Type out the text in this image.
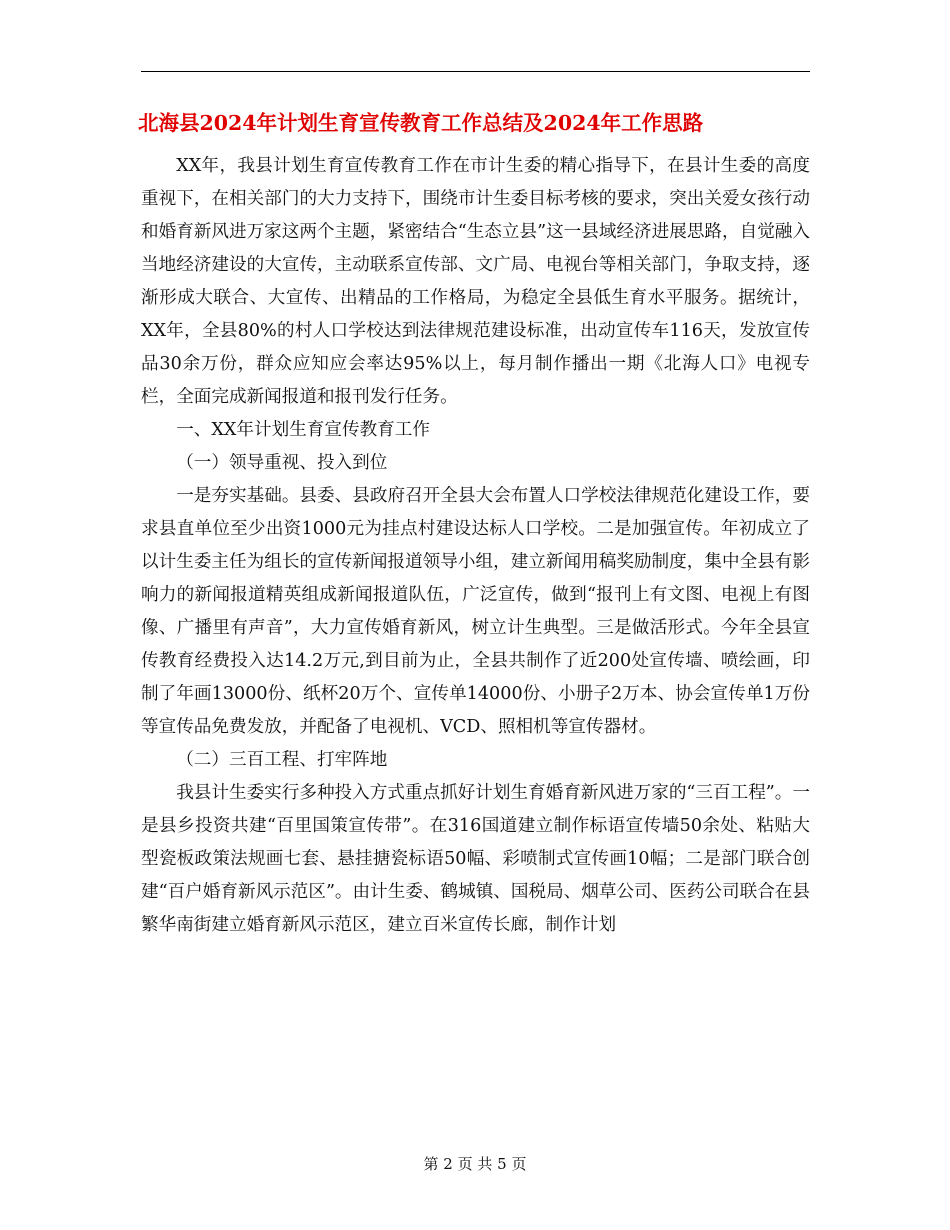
北海县2024年计划生育宣传教育工作总结及2024年工作思路

XX年，我县计划生育宣传教育工作在市计生委的精心指导下，在县计生委的高度重视下，在相关部门的大力支持下，围绕市计生委目标考核的要求，突出关爱女孩行动和婚育新风进万家这两个主题，紧密结合“生态立县”这一县域经济进展思路，自觉融入当地经济建设的大宣传，主动联系宣传部、文广局、电视台等相关部门，争取支持，逐渐形成大联合、大宣传、出精品的工作格局，为稳定全县低生育水平服务。据统计，XX年，全县80%的村人口学校达到法律规范建设标准，出动宣传车116天，发放宣传品30余万份，群众应知应会率达95%以上，每月制作播出一期《北海人口》电视专栏，全面完成新闻报道和报刊发行任务。

一、XX年计划生育宣传教育工作

（一）领导重视、投入到位

一是夯实基础。县委、县政府召开全县大会布置人口学校法律规范化建设工作，要求县直单位至少出资1000元为挂点村建设达标人口学校。二是加强宣传。年初成立了以计生委主任为组长的宣传新闻报道领导小组，建立新闻用稿奖励制度，集中全县有影响力的新闻报道精英组成新闻报道队伍，广泛宣传，做到“报刊上有文图、电视上有图像、广播里有声音”，大力宣传婚育新风，树立计生典型。三是做活形式。今年全县宣传教育经费投入达14.2万元,到目前为止，全县共制作了近200处宣传墙、喷绘画，印制了年画13000份、纸杯20万个、宣传单14000份、小册子2万本、协会宣传单1万份等宣传品免费发放，并配备了电视机、VCD、照相机等宣传器材。

（二）三百工程、打牢阵地

我县计生委实行多种投入方式重点抓好计划生育婚育新风进万家的“三百工程”。一是县乡投资共建“百里国策宣传带”。在316国道建立制作标语宣传墙50余处、粘贴大型瓷板政策法规画七套、悬挂搪瓷标语50幅、彩喷制式宣传画10幅；二是部门联合创建“百户婚育新风示范区”。由计生委、鹤城镇、国税局、烟草公司、医药公司联合在县繁华南街建立婚育新风示范区，建立百米宣传长廊，制作计划

第 2 页 共 5 页
